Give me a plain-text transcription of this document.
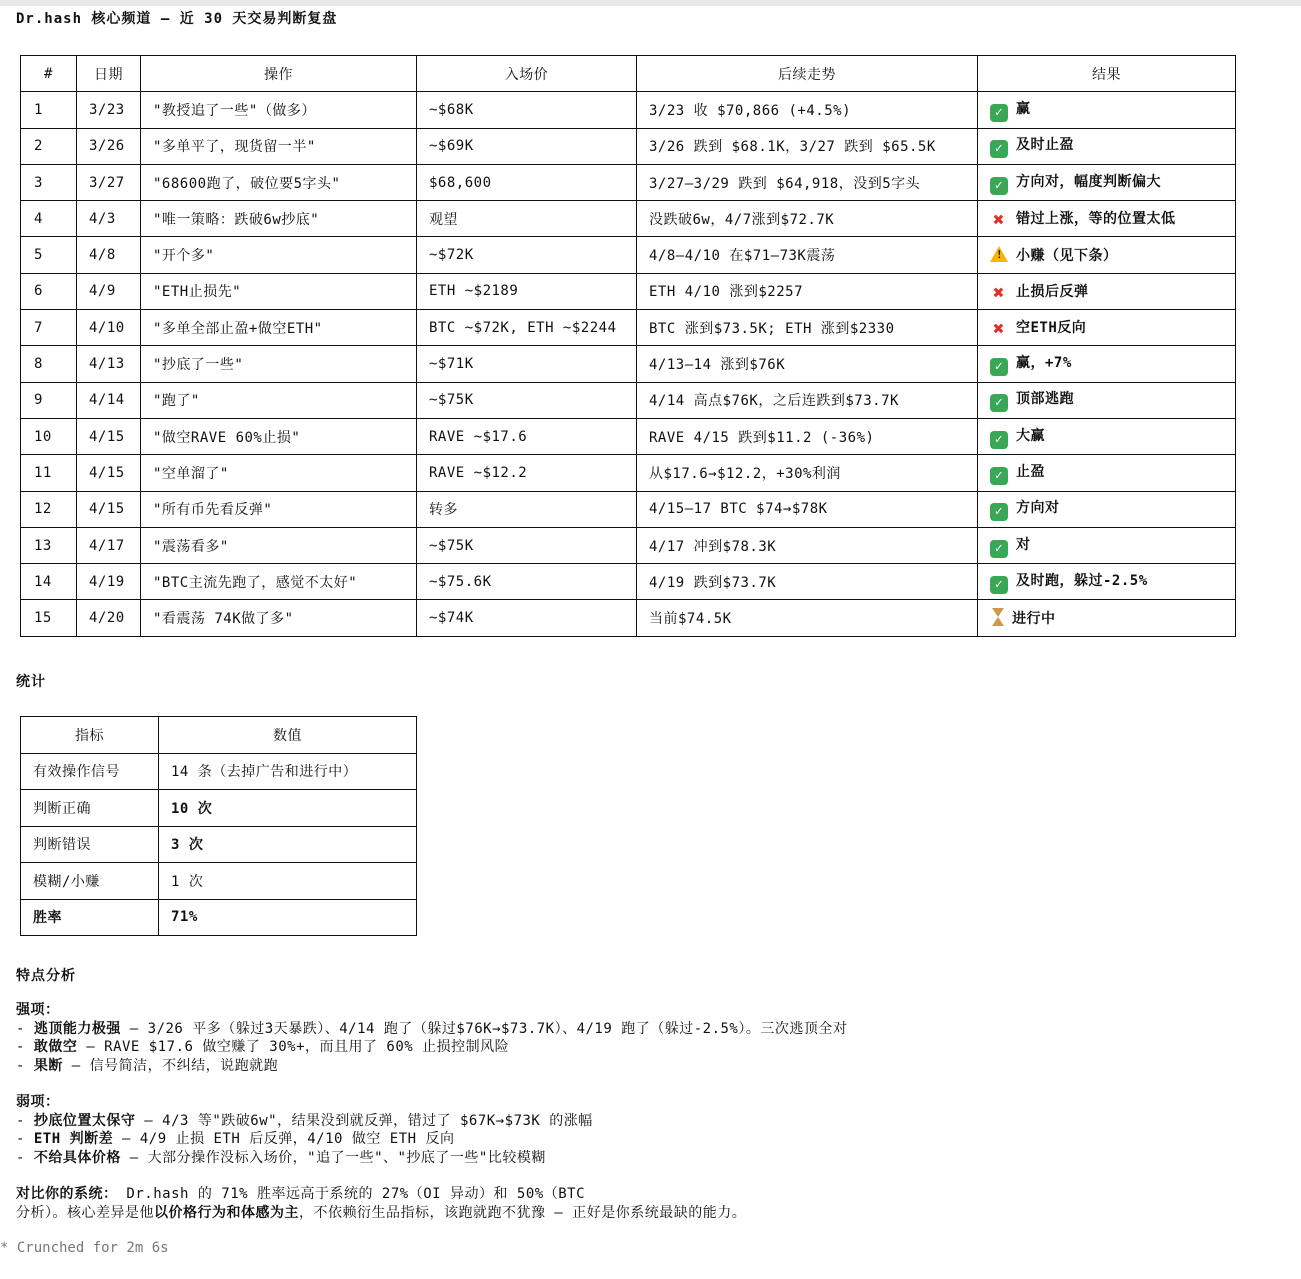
Dr.hash 核心频道 — 近 30 天交易判断复盘
#	日期	操作	入场价	后续走势	结果
1	3/23	"教授追了一些"（做多）	~$68K	3/23 收 $70,866 (+4.5%)	✓ 赢
2	3/26	"多单平了，现货留一半"	~$69K	3/26 跌到 $68.1K，3/27 跌到 $65.5K	✓ 及时止盈
3	3/27	"68600跑了，破位要5字头"	$68,600	3/27–3/29 跌到 $64,918，没到5字头	✓ 方向对，幅度判断偏大
4	4/3	"唯一策略：跌破6w抄底"	观望	没跌破6w，4/7涨到$72.7K	✖ 错过上涨，等的位置太低
5	4/8	"开个多"	~$72K	4/8–4/10 在$71–73K震荡	!小赚（见下条）
6	4/9	"ETH止损先"	ETH ~$2189	ETH 4/10 涨到$2257	✖ 止损后反弹
7	4/10	"多单全部止盈+做空ETH"	BTC ~$72K, ETH ~$2244	BTC 涨到$73.5K; ETH 涨到$2330	✖ 空ETH反向
8	4/13	"抄底了一些"	~$71K	4/13–14 涨到$76K	✓ 赢，+7%
9	4/14	"跑了"	~$75K	4/14 高点$76K，之后连跌到$73.7K	✓ 顶部逃跑
10	4/15	"做空RAVE 60%止损"	RAVE ~$17.6	RAVE 4/15 跌到$11.2 (-36%)	✓ 大赢
11	4/15	"空单溜了"	RAVE ~$12.2	从$17.6→$12.2，+30%利润	✓ 止盈
12	4/15	"所有币先看反弹"	转多	4/15–17 BTC $74→$78K	✓ 方向对
13	4/17	"震荡看多"	~$75K	4/17 冲到$78.3K	✓ 对
14	4/19	"BTC主流先跑了，感觉不太好"	~$75.6K	4/19 跌到$73.7K	✓ 及时跑，躲过-2.5%
15	4/20	"看震荡 74K做了多"	~$74K	当前$74.5K	进行中
统计
指标	数值
有效操作信号	14 条（去掉广告和进行中）
判断正确	10 次
判断错误	3 次
模糊/小赚	1 次
胜率	71%
特点分析
强项：
- 逃顶能力极强 — 3/26 平多（躲过3天暴跌）、4/14 跑了（躲过$76K→$73.7K）、4/19 跑了（躲过-2.5%）。三次逃顶全对
- 敢做空 — RAVE $17.6 做空赚了 30%+，而且用了 60% 止损控制风险
- 果断 — 信号简洁，不纠结，说跑就跑
弱项：
- 抄底位置太保守 — 4/3 等"跌破6w"，结果没到就反弹，错过了 $67K→$73K 的涨幅
- ETH 判断差 — 4/9 止损 ETH 后反弹，4/10 做空 ETH 反向
- 不给具体价格 — 大部分操作没标入场价，"追了一些"、"抄底了一些"比较模糊
对比你的系统： Dr.hash 的 71% 胜率远高于系统的 27%（OI 异动）和 50%（BTC
分析）。核心差异是他以价格行为和体感为主，不依赖衍生品指标，该跑就跑不犹豫 — 正好是你系统最缺的能力。
* Crunched for 2m 6s
